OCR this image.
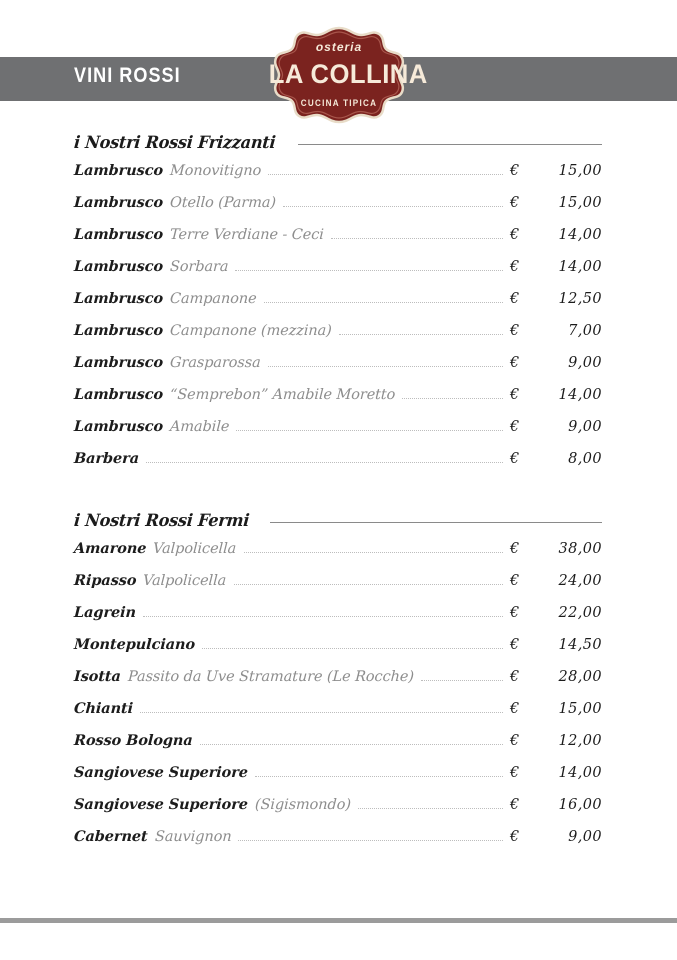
VINI ROSSI
osteria
LA COLLINA
CUCINA TIPICA
i Nostri Rossi Frizzanti
Lambrusco Monovitigno	€	15,00
Lambrusco Otello (Parma)	€	15,00
Lambrusco Terre Verdiane - Ceci	€	14,00
Lambrusco Sorbara	€	14,00
Lambrusco Campanone	€	12,50
Lambrusco Campanone (mezzina)	€	7,00
Lambrusco Grasparossa	€	9,00
Lambrusco “Semprebon” Amabile Moretto	€	14,00
Lambrusco Amabile	€	9,00
Barbera	€	8,00
i Nostri Rossi Fermi
Amarone Valpolicella	€	38,00
Ripasso Valpolicella	€	24,00
Lagrein	€	22,00
Montepulciano	€	14,50
Isotta Passito da Uve Stramature (Le Rocche)	€	28,00
Chianti	€	15,00
Rosso Bologna	€	12,00
Sangiovese Superiore	€	14,00
Sangiovese Superiore (Sigismondo)	€	16,00
Cabernet Sauvignon	€	9,00
